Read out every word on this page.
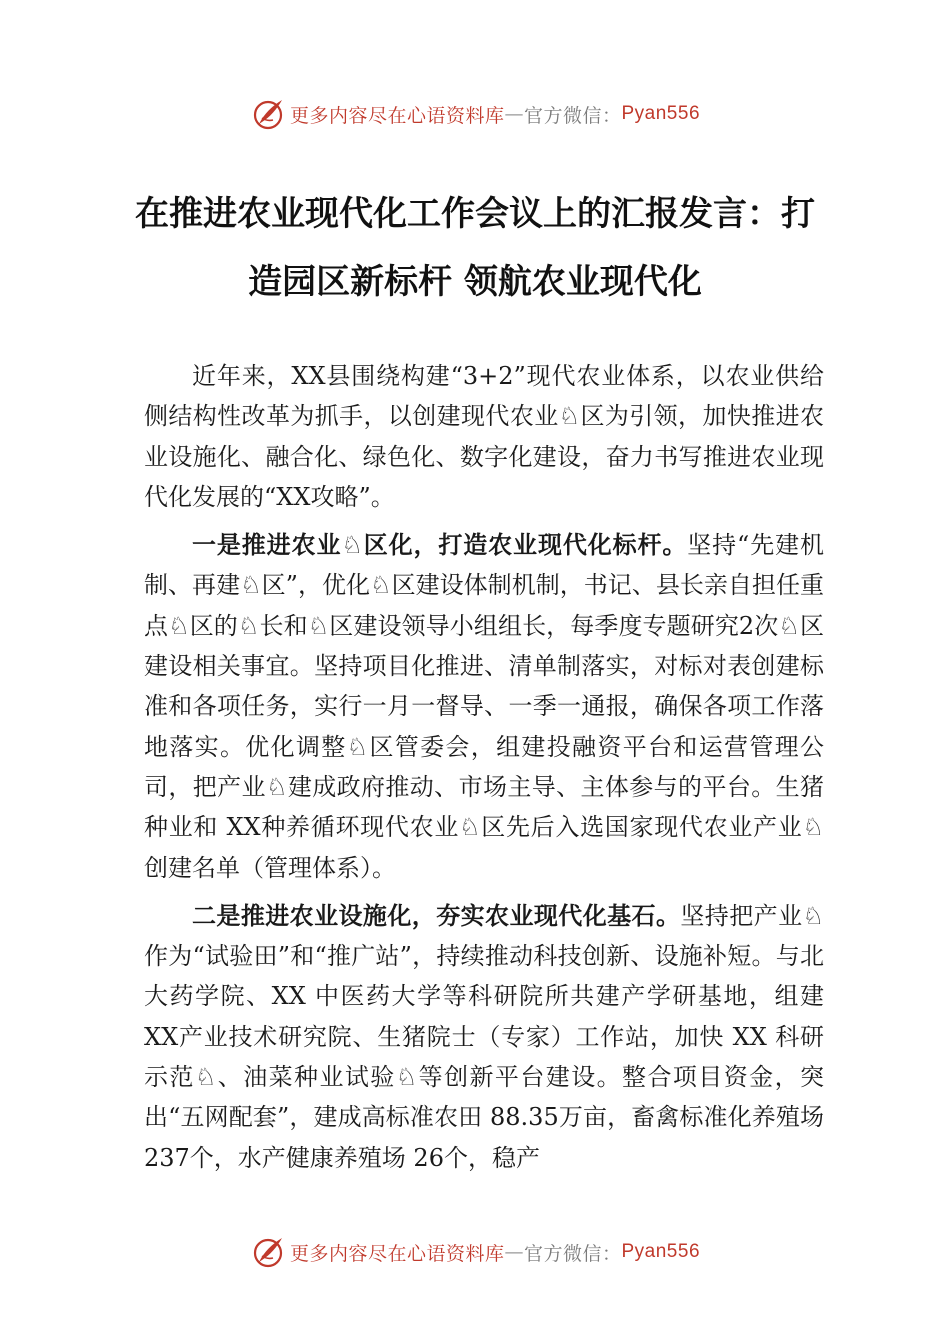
更多内容尽在心语资料库 — 官方微信： Pyan556
在推进农业现代化工作会议上的汇报发言：打造园区新标杆 领航农业现代化

近年来，XX县围绕构建“3+2”现代农业体系，以农业供给侧结构性改革为抓手，以创建现代农业♘区为引领，加快推进农业设施化、融合化、绿色化、数字化建设，奋力书写推进农业现代化发展的“XX攻略”。

一是推进农业♘区化，打造农业现代化标杆。坚持“先建机制、再建♘区”，优化♘区建设体制机制，书记、县长亲自担任重点♘区的♘长和♘区建设领导小组组长，每季度专题研究2次♘区建设相关事宜。坚持项目化推进、清单制落实，对标对表创建标准和各项任务，实行一月一督导、一季一通报，确保各项工作落地落实。优化调整♘区管委会，组建投融资平台和运营管理公司，把产业♘建成政府推动、市场主导、主体参与的平台。生猪种业和 XX种养循环现代农业♘区先后入选国家现代农业产业♘创建名单（管理体系）。

二是推进农业设施化，夯实农业现代化基石。坚持把产业♘作为“试验田”和“推广站”，持续推动科技创新、设施补短。与北大药学院、XX 中医药大学等科研院所共建产学研基地，组建 XX产业技术研究院、生猪院士（专家）工作站，加快 XX 科研示范♘、油菜种业试验♘等创新平台建设。整合项目资金，突出“五网配套”，建成高标准农田 88.35万亩，畜禽标准化养殖场 237个，水产健康养殖场 26个，稳产

更多内容尽在心语资料库 — 官方微信： Pyan556
